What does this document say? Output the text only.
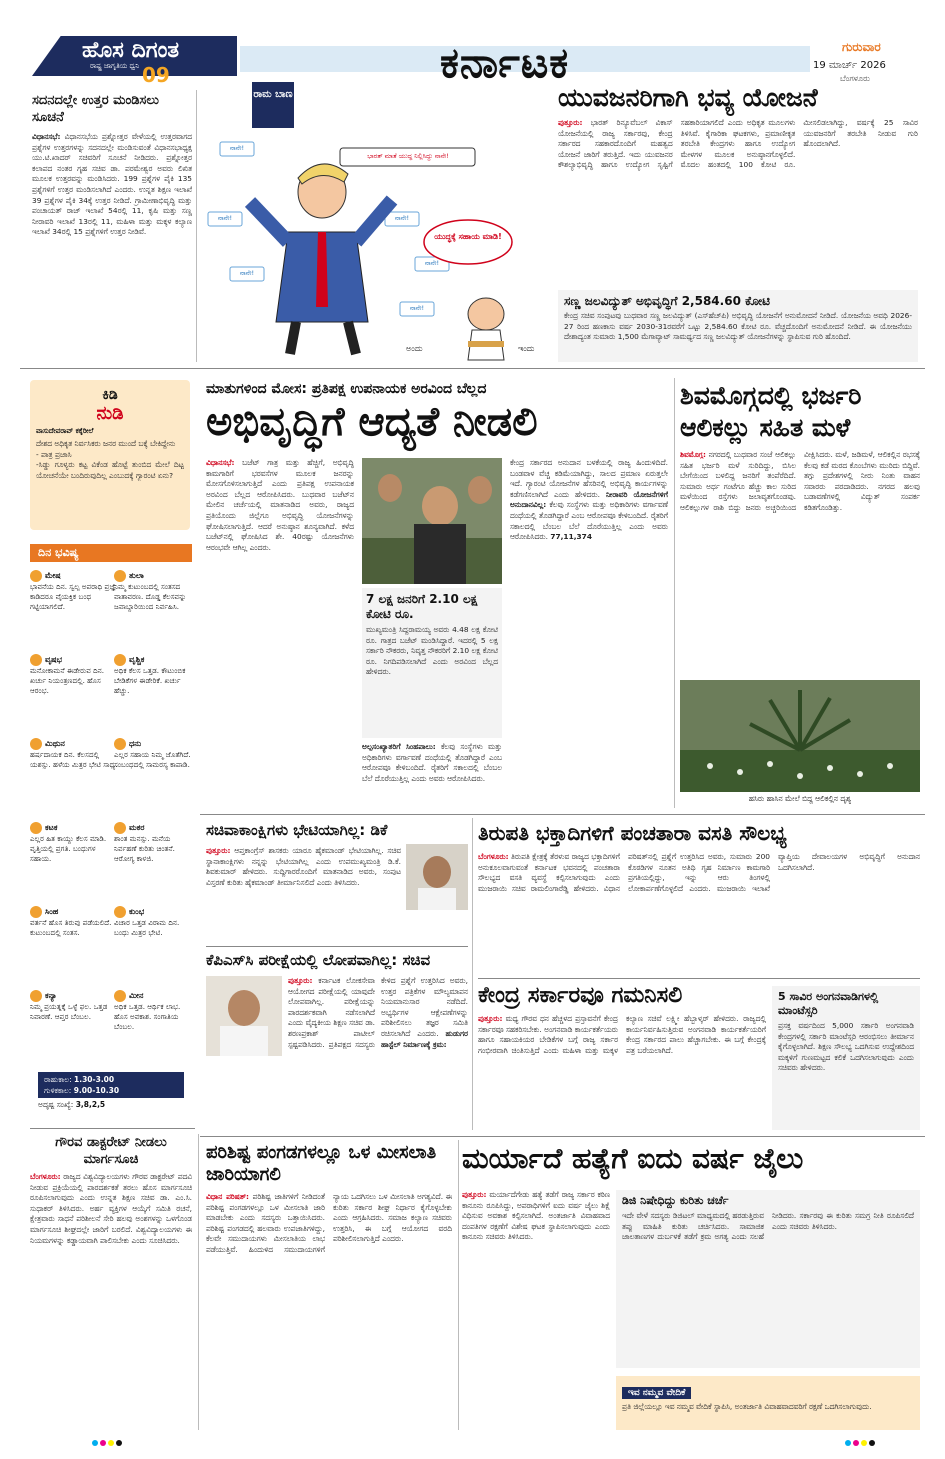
ಹೊಸ ದಿಗಂತ
ರಾಷ್ಟ್ರ ಜಾಗೃತಿಯ ಧ್ವನಿ 09	ಕರ್ನಾಟಕ	ಗುರುವಾರ
19 ಮಾರ್ಚ್ 2026
ಬೆಂಗಳೂರು
ಸದನದಲ್ಲೇ ಉತ್ತರ ಮಂಡಿಸಲು ಸೂಚನೆ
ವಿಧಾನಸಭೆ: ವಿಧಾನಸಭೆಯ ಪ್ರಶ್ನೋತ್ತರ ವೇಳೆಯಲ್ಲಿ ಉತ್ತರವಾಗದ ಪ್ರಶ್ನೆಗಳ ಉತ್ತರಗಳನ್ನು ಸದನದಲ್ಲೇ ಮಂಡಿಸುವಂತೆ ವಿಧಾನಸಭಾಧ್ಯಕ್ಷ ಯು.ಟಿ.ಖಾದರ್ ಸಚಿವರಿಗೆ ಸೂಚನೆ ನೀಡಿದರು. ಪ್ರಶ್ನೋತ್ತರ ಕಲಾಪದ ನಂತರ ಗೃಹ ಸಚಿವ ಡಾ. ಪರಮೇಶ್ವರ ಅವರು ಲಿಖಿತ ಮೂಲಕ ಉತ್ತರವನ್ನು ಮಂಡಿಸಿದರು. 199 ಪ್ರಶ್ನೆಗಳ ಪೈಕಿ 135 ಪ್ರಶ್ನೆಗಳಿಗೆ ಉತ್ತರ ಮಂಡಿಸಲಾಗಿದೆ ಎಂದರು. ಉನ್ನತ ಶಿಕ್ಷಣ ಇಲಾಖೆ 39 ಪ್ರಶ್ನೆಗಳ ಪೈಕಿ 34ಕ್ಕೆ ಉತ್ತರ ನೀಡಿದೆ. ಗ್ರಾಮೀಣಾಭಿವೃದ್ಧಿ ಮತ್ತು ಪಂಚಾಯತ್ ರಾಜ್ ಇಲಾಖೆ 54ರಲ್ಲಿ 11, ಕೃಷಿ ಮತ್ತು ಸಣ್ಣ ನೀರಾವರಿ ಇಲಾಖೆ 13ರಲ್ಲಿ 11, ಮಹಿಳಾ ಮತ್ತು ಮಕ್ಕಳ ಕಲ್ಯಾಣ ಇಲಾಖೆ 34ರಲ್ಲಿ 15 ಪ್ರಶ್ನೆಗಳಿಗೆ ಉತ್ತರ ನೀಡಿವೆ.
ರಾಮ ಬಾಣ
ಭಾರತ್ ಮಾತೆ ಯುದ್ಧ ನಿಲ್ಲಿಸಿದ್ದು ನಾನೇ!
ಯುದ್ಧಕ್ಕೆ ಸಹಾಯ ಮಾಡಿ!
ನಾನೇ!
ನಾನೇ!
ನಾನೇ!
ನಾನೇ!
ನಾನೇ!
ನಾನೇ!
ಅಂದು	ಇಂದು
ಯುವಜನರಿಗಾಗಿ ಭವ್ಯ ಯೋಜನೆ
ಪುತ್ತೂರು: ಭಾರತ್ ರಿನ್ಯೂವೆಬಲ್ ವಿಕಾಸ್ ಯೋಜನೆಯಲ್ಲಿ ರಾಜ್ಯ ಸರ್ಕಾರವು, ಕೇಂದ್ರ ಸರ್ಕಾರದ ಸಹಕಾರದೊಂದಿಗೆ ಮಹತ್ವದ ಯೋಜನೆ ಜಾರಿಗೆ ತರುತ್ತಿದೆ. ಇದು ಯುವಜನರ ಕೌಶಲ್ಯಾಭಿವೃದ್ಧಿ ಹಾಗೂ ಉದ್ಯೋಗ ಸೃಷ್ಟಿಗೆ ಸಹಕಾರಿಯಾಗಲಿದೆ ಎಂದು ಅಧಿಕೃತ ಮೂಲಗಳು ತಿಳಿಸಿವೆ. ಕೈಗಾರಿಕಾ ಘಟಕಗಳು, ಪ್ರಮಾಣೀಕೃತ ತರಬೇತಿ ಕೇಂದ್ರಗಳು ಹಾಗೂ ಉದ್ಯೋಗ ಮೇಳಗಳ ಮೂಲಕ ಅನುಷ್ಠಾನಗೊಳ್ಳಲಿದೆ. ಮೊದಲ ಹಂತದಲ್ಲಿ 100 ಕೋಟಿ ರೂ. ಮೀಸಲಿಡಲಾಗಿದ್ದು, ವರ್ಷಕ್ಕೆ 25 ಸಾವಿರ ಯುವಜನರಿಗೆ ತರಬೇತಿ ನೀಡುವ ಗುರಿ ಹೊಂದಲಾಗಿದೆ.
ಸಣ್ಣ ಜಲವಿದ್ಯುತ್ ಅಭಿವೃದ್ಧಿಗೆ 2,584.60 ಕೋಟಿ
ಕೇಂದ್ರ ಸಚಿವ ಸಂಪುಟವು ಬುಧವಾರ ಸಣ್ಣ ಜಲವಿದ್ಯುತ್ (ಎಸ್‌ಹೆಚ್‌ಪಿ) ಅಭಿವೃದ್ಧಿ ಯೋಜನೆಗೆ ಅನುಮೋದನೆ ನೀಡಿದೆ. ಯೋಜನೆಯ ಅವಧಿ 2026-27 ರಿಂದ ಹಣಕಾಸು ವರ್ಷ 2030-31ರವರೆಗೆ ಒಟ್ಟು 2,584.60 ಕೋಟಿ ರೂ. ವೆಚ್ಚದೊಂದಿಗೆ ಅನುಮೋದನೆ ನೀಡಿದೆ. ಈ ಯೋಜನೆಯು ದೇಶಾದ್ಯಂತ ಸುಮಾರು 1,500 ಮೆಗಾವ್ಯಾಟ್ ಸಾಮರ್ಥ್ಯದ ಸಣ್ಣ ಜಲವಿದ್ಯುತ್ ಯೋಜನೆಗಳನ್ನು ಸ್ಥಾಪಿಸುವ ಗುರಿ ಹೊಂದಿದೆ.
ಕಿಡಿ
ನುಡಿ
ವಾಸುದೇವರಾವ್ ಕಕ್ಕೆರೀಲೆ
ದೇಶದ ಅಧಿಕೃತ ನಿರ್ವಸಿಕರು ಜನರ ಮುಂದೆ ಬಕ್ಕೆ ಬೇಕಿದ್ದೇನು
- ಪಾತ್ರ ಪ್ರಜಾಸಿ
-ಸಿಡ್ಡು ಗೂಳ್ಯರು ಕಟ್ಟ ವಿಕೆಂಡ ಹೊಟ್ಟೆ ತುಂಬಿದ ಮೇಲೆ ದಿಟ್ಟ ಯೋಚನೆಯೇ ಬಂದಿರುವುದಿಲ್ಲ ಎಂಬುದಕ್ಕೆ ಗ್ಯಾರಂಟಿ ಏನು?
ದಿನ ಭವಿಷ್ಯ
ಮೇಷ
ಭಾವನೆಯ ದಿನ. ಸ್ವಲ್ಪ ಅಪರಾಧಿ ಪ್ರಜ್ಞೆ ಕಾಡಿದರೂ ವೈಯಕ್ತಿಕ ಬಂಧ ಗಟ್ಟಿಯಾಗಲಿದೆ.
ತುಲಾ
ನಿಮ್ಮ ಕುಟುಂಬದಲ್ಲಿ ಸಂತಸದ ವಾತಾವರಣ. ದೊಡ್ಡ ಕೆಲಸವನ್ನು ಜವಾಬ್ದಾರಿಯಿಂದ ನಿರ್ವಹಿಸಿ.
ವೃಷಭ
ಮನೋಕಾಮನೆ ಈಡೇರುವ ದಿನ. ಖರ್ಚು ನಿಯಂತ್ರಣದಲ್ಲಿ. ಹೊಸ ಆರಂಭ.
ವೃಶ್ಚಿಕ
ಅಧಿಕ ಕೆಲಸ ಒತ್ತಡ. ಕೌಟುಂಬಿಕ ಬೇಡಿಕೆಗಳ ಈಡೇರಿಕೆ. ಖರ್ಚು ಹೆಚ್ಚು.
ಮಿಥುನ
ಹರ್ಷದಾಯಕ ದಿನ. ಕೆಲಸದಲ್ಲಿ ಯಶಸ್ಸು. ಹಳೆಯ ಮಿತ್ರರ ಭೇಟಿ ಸಾಧ್ಯ.
ಧನು
ಎಲ್ಲರ ಸಹಾಯ ನಿಮ್ಮ ಜೊತೆಗಿದೆ. ಸಂಬಂಧದಲ್ಲಿ ಸಾಮರಸ್ಯ ಕಾಪಾಡಿ.
ಕಟಕ
ಎಲ್ಲರ ಹಿತ ಕಾಯ್ದು ಕೆಲಸ ಮಾಡಿ. ವೃತ್ತಿಯಲ್ಲಿ ಪ್ರಗತಿ. ಬಂಧುಗಳ ಸಹಾಯ.
ಮಕರ
ಶಾಂತ ಮನಸ್ಸು. ಮನೆಯ ನಿರ್ವಹಣೆ ಕುರಿತು ಚಿಂತನೆ. ಆರೋಗ್ಯ ಕಾಳಜಿ.
ಸಿಂಹ
ವರ್ತನೆ ಹೊಸ ತಿರುವು ಪಡೆಯಲಿದೆ. ಕುಟುಂಬದಲ್ಲಿ ಸಂತಸ.
ಕುಂಭ
ವಿಚಾರ ಒತ್ತಡ ವಿರಾಮ ದಿನ. ಬಂಧು ಮಿತ್ರರ ಭೇಟಿ.
ಕನ್ಯಾ
ನಿಮ್ಮ ಪ್ರಯತ್ನಕ್ಕೆ ಒಳ್ಳೆ ಫಲ. ಒತ್ತಡ ನಿವಾರಣೆ. ಆಪ್ತರ ಬೆಂಬಲ.
ಮೀನ
ಅಧಿಕ ಒತ್ತಡ. ಆರ್ಥಿಕ ಲಾಭ. ಹೊಸ ಅವಕಾಶ. ಸಂಗಾತಿಯ ಬೆಂಬಲ.
ರಾಹುಕಾಲ: 1.30-3.00
ಗುಳಿಕಕಾಲ: 9.00-10.30
ಅದೃಷ್ಟ ಸಂಖ್ಯೆ: 3,8,2,5
ಮಾತುಗಳಿಂದ ಮೋಸ: ಪ್ರತಿಪಕ್ಷ ಉಪನಾಯಕ ಅರವಿಂದ ಬೆಲ್ಲದ
ಅಭಿವೃದ್ಧಿಗೆ ಆದ್ಯತೆ ನೀಡಲಿ
ವಿಧಾನಸಭೆ: ಬಜೆಟ್ ಗಾತ್ರ ಮತ್ತು ಹೆಚ್ಚಿಗೆ, ಅಭಿವೃದ್ಧಿ ಕಾಮಗಾರಿಗೆ ಭರವಸೆಗಳ ಮೂಲಕ ಜನರನ್ನು ಮೋಸಗೊಳಿಸಲಾಗುತ್ತಿದೆ ಎಂದು ಪ್ರತಿಪಕ್ಷ ಉಪನಾಯಕ ಅರವಿಂದ ಬೆಲ್ಲದ ಆರೋಪಿಸಿದರು. ಬುಧವಾರ ಬಜೆಟ್‌ನ ಮೇಲಿನ ಚರ್ಚೆಯಲ್ಲಿ ಮಾತನಾಡಿದ ಅವರು, ರಾಜ್ಯದ ಪ್ರತಿಯೊಂದು ಜಿಲ್ಲೆಗೂ ಅಭಿವೃದ್ಧಿ ಯೋಜನೆಗಳನ್ನು ಘೋಷಿಸಲಾಗುತ್ತಿದೆ. ಆದರೆ ಅನುಷ್ಠಾನ ಶೂನ್ಯವಾಗಿದೆ. ಕಳೆದ ಬಜೆಟ್‌ನಲ್ಲಿ ಘೋಷಿಸಿದ ಶೇ. 40ರಷ್ಟು ಯೋಜನೆಗಳು ಆರಂಭವೇ ಆಗಿಲ್ಲ ಎಂದರು.
7 ಲಕ್ಷ ಜನರಿಗೆ 2.10 ಲಕ್ಷ ಕೋಟಿ ರೂ.
ಮುಖ್ಯಮಂತ್ರಿ ಸಿದ್ದರಾಮಯ್ಯ ಅವರು 4.48 ಲಕ್ಷ ಕೋಟಿ ರೂ. ಗಾತ್ರದ ಬಜೆಟ್ ಮಂಡಿಸಿದ್ದಾರೆ. ಇದರಲ್ಲಿ 5 ಲಕ್ಷ ಸರ್ಕಾರಿ ನೌಕರರು, ನಿವೃತ್ತ ನೌಕರರಿಗೆ 2.10 ಲಕ್ಷ ಕೋಟಿ ರೂ. ನಿಗದಿಪಡಿಸಲಾಗಿದೆ ಎಂದು ಅರವಿಂದ ಬೆಲ್ಲದ ಹೇಳಿದರು.
ಅಲ್ಪಸಂಖ್ಯಾತರಿಗೆ ಸಿಂಹಪಾಲು: ಕೆಲವು ಸಂಸ್ಥೆಗಳು ಮತ್ತು ಅಧಿಕಾರಿಗಳು ವರ್ಗಾವಣೆ ದಂಧೆಯಲ್ಲಿ ತೊಡಗಿದ್ದಾರೆ ಎಂಬ ಆರೋಪವೂ ಕೇಳಿಬಂದಿದೆ. ರೈತರಿಗೆ ಸಕಾಲದಲ್ಲಿ ಬೆಂಬಲ ಬೆಲೆ ದೊರೆಯುತ್ತಿಲ್ಲ ಎಂದು ಅವರು ಆರೋಪಿಸಿದರು.
ಕೇಂದ್ರ ಸರ್ಕಾರದ ಅನುದಾನ ಬಳಕೆಯಲ್ಲಿ ರಾಜ್ಯ ಹಿಂದುಳಿದಿದೆ. ಬಂಡವಾಳ ವೆಚ್ಚ ಕಡಿಮೆಯಾಗಿದ್ದು, ಸಾಲದ ಪ್ರಮಾಣ ಏರುತ್ತಲೇ ಇದೆ. ಗ್ಯಾರಂಟಿ ಯೋಜನೆಗಳ ಹೆಸರಿನಲ್ಲಿ ಅಭಿವೃದ್ಧಿ ಕಾರ್ಯಗಳನ್ನು ಕಡೆಗಣಿಸಲಾಗಿದೆ ಎಂದು ಹೇಳಿದರು. ನೀರಾವರಿ ಯೋಜನೆಗಳಿಗೆ ಅನುದಾನವಿಲ್ಲ: ಕೆಲವು ಸಂಸ್ಥೆಗಳು ಮತ್ತು ಅಧಿಕಾರಿಗಳು ವರ್ಗಾವಣೆ ದಂಧೆಯಲ್ಲಿ ತೊಡಗಿದ್ದಾರೆ ಎಂಬ ಆರೋಪವೂ ಕೇಳಿಬಂದಿದೆ. ರೈತರಿಗೆ ಸಕಾಲದಲ್ಲಿ ಬೆಂಬಲ ಬೆಲೆ ದೊರೆಯುತ್ತಿಲ್ಲ ಎಂದು ಅವರು ಆರೋಪಿಸಿದರು. 77,11,374
ಶಿವಮೊಗ್ಗದಲ್ಲಿ ಭರ್ಜರಿ ಆಲಿಕಲ್ಲು ಸಹಿತ ಮಳೆ
ಶಿವಮೊಗ್ಗ: ನಗರದಲ್ಲಿ ಬುಧವಾರ ಸಂಜೆ ಆಲಿಕಲ್ಲು ಸಹಿತ ಭರ್ಜರಿ ಮಳೆ ಸುರಿದಿದ್ದು, ಬಿಸಿಲ ಬೇಗೆಯಿಂದ ಬಳಲಿದ್ದ ಜನರಿಗೆ ತಂಪೆರೆದಿದೆ. ಸುಮಾರು ಅರ್ಧ ಗಂಟೆಗೂ ಹೆಚ್ಚು ಕಾಲ ಸುರಿದ ಮಳೆಯಿಂದ ರಸ್ತೆಗಳು ಜಲಾವೃತಗೊಂಡವು. ಆಲಿಕಲ್ಲುಗಳ ರಾಶಿ ಬಿದ್ದು ಜನರು ಅಚ್ಚರಿಯಿಂದ ವೀಕ್ಷಿಸಿದರು. ಮಳೆ, ಜಡಿಮಳೆ, ಆಲಿಕಲ್ಲಿನ ರಭಸಕ್ಕೆ ಕೆಲವು ಕಡೆ ಮರದ ಕೊಂಬೆಗಳು ಮುರಿದು ಬಿದ್ದಿವೆ. ತಗ್ಗು ಪ್ರದೇಶಗಳಲ್ಲಿ ನೀರು ನಿಂತು ವಾಹನ ಸವಾರರು ಪರದಾಡಿದರು. ನಗರದ ಹಲವು ಬಡಾವಣೆಗಳಲ್ಲಿ ವಿದ್ಯುತ್ ಸಂಪರ್ಕ ಕಡಿತಗೊಂಡಿತ್ತು.
ಹಸಿರು ಹಾಸಿನ ಮೇಲೆ ಬಿದ್ದ ಆಲಿಕಲ್ಲಿನ ದೃಶ್ಯ
ಸಚಿವಾಕಾಂಕ್ಷಿಗಳು ಭೇಟಿಯಾಗಿಲ್ಲ: ಡಿಕೆ
ಪುತ್ತೂರು: ಆಪ್ತಕಾಂಗ್ರೆಸ್ ಶಾಸಕರು ಯಾರೂ ಹೈಕಮಾಂಡ್ ಭೇಟಿಯಾಗಿಲ್ಲ. ಸಚಿವ ಸ್ಥಾನಾಕಾಂಕ್ಷಿಗಳು ನನ್ನನ್ನು ಭೇಟಿಯಾಗಿಲ್ಲ ಎಂದು ಉಪಮುಖ್ಯಮಂತ್ರಿ ಡಿ.ಕೆ. ಶಿವಕುಮಾರ್ ಹೇಳಿದರು. ಸುದ್ದಿಗಾರರೊಂದಿಗೆ ಮಾತನಾಡಿದ ಅವರು, ಸಂಪುಟ ವಿಸ್ತರಣೆ ಕುರಿತು ಹೈಕಮಾಂಡ್ ತೀರ್ಮಾನಿಸಲಿದೆ ಎಂದು ತಿಳಿಸಿದರು.
ಕೆಪಿಎಸ್‌ಸಿ ಪರೀಕ್ಷೆಯಲ್ಲಿ ಲೋಪವಾಗಿಲ್ಲ: ಸಚಿವ
ಪುತ್ತೂರು: ಕರ್ನಾಟಕ ಲೋಕಸೇವಾ ಆಯೋಗದ ಪರೀಕ್ಷೆಯಲ್ಲಿ ಯಾವುದೇ ಲೋಪವಾಗಿಲ್ಲ. ಪರೀಕ್ಷೆಯನ್ನು ಪಾರದರ್ಶಕವಾಗಿ ನಡೆಸಲಾಗಿದೆ ಎಂದು ವೈದ್ಯಕೀಯ ಶಿಕ್ಷಣ ಸಚಿವ ಡಾ. ಶರಣಪ್ರಕಾಶ್ ಪಾಟೀಲ್ ಸ್ಪಷ್ಟಪಡಿಸಿದರು. ಪ್ರತಿಪಕ್ಷದ ಸದಸ್ಯರು ಕೇಳಿದ ಪ್ರಶ್ನೆಗೆ ಉತ್ತರಿಸಿದ ಅವರು, ಉತ್ತರ ಪತ್ರಿಕೆಗಳ ಮೌಲ್ಯಮಾಪನ ನಿಯಮಾನುಸಾರ ನಡೆದಿದೆ. ಅಭ್ಯರ್ಥಿಗಳ ಆಕ್ಷೇಪಣೆಗಳನ್ನು ಪರಿಶೀಲಿಸಲು ತಜ್ಞರ ಸಮಿತಿ ರಚಿಸಲಾಗಿದೆ ಎಂದರು. ಹುಡುಗರ ಹಾಸ್ಟೆಲ್ ನಿರ್ಮಾಣಕ್ಕೆ ಕ್ರಮ:
ತಿರುಪತಿ ಭಕ್ತಾದಿಗಳಿಗೆ ಪಂಚತಾರಾ ವಸತಿ ಸೌಲಭ್ಯ
ಬೆಂಗಳೂರು: ತಿರುಪತಿ ಕ್ಷೇತ್ರಕ್ಕೆ ತೆರಳುವ ರಾಜ್ಯದ ಭಕ್ತಾದಿಗಳಿಗೆ ಅನುಕೂಲವಾಗುವಂತೆ ಕರ್ನಾಟಕ ಭವನದಲ್ಲಿ ಪಂಚತಾರಾ ಸೌಲಭ್ಯದ ವಸತಿ ವ್ಯವಸ್ಥೆ ಕಲ್ಪಿಸಲಾಗುವುದು ಎಂದು ಮುಜರಾಯಿ ಸಚಿವ ರಾಮಲಿಂಗಾರೆಡ್ಡಿ ಹೇಳಿದರು. ವಿಧಾನ ಪರಿಷತ್‌ನಲ್ಲಿ ಪ್ರಶ್ನೆಗೆ ಉತ್ತರಿಸಿದ ಅವರು, ಸುಮಾರು 200 ಕೊಠಡಿಗಳ ನೂತನ ಅತಿಥಿ ಗೃಹ ನಿರ್ಮಾಣ ಕಾಮಗಾರಿ ಪ್ರಗತಿಯಲ್ಲಿದ್ದು, ಇನ್ನು ಆರು ತಿಂಗಳಲ್ಲಿ ಲೋಕಾರ್ಪಣೆಗೊಳ್ಳಲಿದೆ ಎಂದರು. ಮುಜರಾಯಿ ಇಲಾಖೆ ವ್ಯಾಪ್ತಿಯ ದೇವಾಲಯಗಳ ಅಭಿವೃದ್ಧಿಗೆ ಅನುದಾನ ಒದಗಿಸಲಾಗಿದೆ.
ಕೇಂದ್ರ ಸರ್ಕಾರವೂ ಗಮನಿಸಲಿ
ಪುತ್ತೂರು: ಮಧ್ಯ ಗೌರವ ಧನ ಹೆಚ್ಚಳದ ಪ್ರಸ್ತಾವನೆಗೆ ಕೇಂದ್ರ ಸರ್ಕಾರವೂ ಸಹಕರಿಸಬೇಕು. ಅಂಗನವಾಡಿ ಕಾರ್ಯಕರ್ತೆಯರು ಹಾಗೂ ಸಹಾಯಕಿಯರ ಬೇಡಿಕೆಗಳ ಬಗ್ಗೆ ರಾಜ್ಯ ಸರ್ಕಾರ ಗಂಭೀರವಾಗಿ ಚಿಂತಿಸುತ್ತಿದೆ ಎಂದು ಮಹಿಳಾ ಮತ್ತು ಮಕ್ಕಳ ಕಲ್ಯಾಣ ಸಚಿವೆ ಲಕ್ಷ್ಮೀ ಹೆಬ್ಬಾಳ್ಕರ್ ಹೇಳಿದರು. ರಾಜ್ಯದಲ್ಲಿ ಕಾರ್ಯನಿರ್ವಹಿಸುತ್ತಿರುವ ಅಂಗನವಾಡಿ ಕಾರ್ಯಕರ್ತೆಯರಿಗೆ ಕೇಂದ್ರ ಸರ್ಕಾರದ ಪಾಲು ಹೆಚ್ಚಾಗಬೇಕು. ಈ ಬಗ್ಗೆ ಕೇಂದ್ರಕ್ಕೆ ಪತ್ರ ಬರೆಯಲಾಗಿದೆ.
5 ಸಾವಿರ ಅಂಗನವಾಡಿಗಳಲ್ಲಿ ಮಾಂಟೆಸ್ಸರಿ
ಪ್ರಸಕ್ತ ವರ್ಷದಿಂದ 5,000 ಸರ್ಕಾರಿ ಅಂಗನವಾಡಿ ಕೇಂದ್ರಗಳಲ್ಲಿ ಸರ್ಕಾರಿ ಮಾಂಟೆಸ್ಸರಿ ಆರಂಭಿಸಲು ತೀರ್ಮಾನ ಕೈಗೊಳ್ಳಲಾಗಿದೆ. ಶಿಕ್ಷಣ ಸೌಲಭ್ಯ ಒದಗಿಸುವ ಉದ್ದೇಶದಿಂದ ಮಕ್ಕಳಿಗೆ ಗುಣಮಟ್ಟದ ಕಲಿಕೆ ಒದಗಿಸಲಾಗುವುದು ಎಂದು ಸಚಿವರು ಹೇಳಿದರು.
ಗೌರವ ಡಾಕ್ಟರೇಟ್ ನೀಡಲು ಮಾರ್ಗಸೂಚಿ
ಬೆಂಗಳೂರು: ರಾಜ್ಯದ ವಿಶ್ವವಿದ್ಯಾಲಯಗಳು ಗೌರವ ಡಾಕ್ಟರೇಟ್ ಪದವಿ ನೀಡುವ ಪ್ರಕ್ರಿಯೆಯಲ್ಲಿ ಪಾರದರ್ಶಕತೆ ತರಲು ಹೊಸ ಮಾರ್ಗಸೂಚಿ ರೂಪಿಸಲಾಗುವುದು ಎಂದು ಉನ್ನತ ಶಿಕ್ಷಣ ಸಚಿವ ಡಾ. ಎಂ.ಸಿ. ಸುಧಾಕರ್ ತಿಳಿಸಿದರು. ಅರ್ಹ ವ್ಯಕ್ತಿಗಳ ಆಯ್ಕೆಗೆ ಸಮಿತಿ ರಚನೆ, ಕ್ಷೇತ್ರವಾರು ಸಾಧನೆ ಪರಿಶೀಲನೆ ಸೇರಿ ಹಲವು ಅಂಶಗಳನ್ನು ಒಳಗೊಂಡ ಮಾರ್ಗಸೂಚಿ ಶೀಘ್ರದಲ್ಲೇ ಜಾರಿಗೆ ಬರಲಿದೆ. ವಿಶ್ವವಿದ್ಯಾಲಯಗಳು ಈ ನಿಯಮಗಳನ್ನು ಕಡ್ಡಾಯವಾಗಿ ಪಾಲಿಸಬೇಕು ಎಂದು ಸೂಚಿಸಿದರು.
ಪರಿಶಿಷ್ಟ ಪಂಗಡಗಳಲ್ಲೂ ಒಳ ಮೀಸಲಾತಿ ಜಾರಿಯಾಗಲಿ
ವಿಧಾನ ಪರಿಷತ್: ಪರಿಶಿಷ್ಟ ಜಾತಿಗಳಿಗೆ ನೀಡಿದಂತೆ ಪರಿಶಿಷ್ಟ ಪಂಗಡಗಳಲ್ಲೂ ಒಳ ಮೀಸಲಾತಿ ಜಾರಿ ಮಾಡಬೇಕು ಎಂದು ಸದಸ್ಯರು ಒತ್ತಾಯಿಸಿದರು. ಪರಿಶಿಷ್ಟ ಪಂಗಡದಲ್ಲಿ ಹಲವಾರು ಉಪಜಾತಿಗಳಿದ್ದು, ಕೆಲವೇ ಸಮುದಾಯಗಳು ಮೀಸಲಾತಿಯ ಲಾಭ ಪಡೆಯುತ್ತಿವೆ. ಹಿಂದುಳಿದ ಸಮುದಾಯಗಳಿಗೆ ನ್ಯಾಯ ಒದಗಿಸಲು ಒಳ ಮೀಸಲಾತಿ ಅಗತ್ಯವಿದೆ. ಈ ಕುರಿತು ಸರ್ಕಾರ ಶೀಘ್ರ ನಿರ್ಧಾರ ಕೈಗೊಳ್ಳಬೇಕು ಎಂದು ಆಗ್ರಹಿಸಿದರು. ಸಮಾಜ ಕಲ್ಯಾಣ ಸಚಿವರು ಉತ್ತರಿಸಿ, ಈ ಬಗ್ಗೆ ಆಯೋಗದ ವರದಿ ಪರಿಶೀಲಿಸಲಾಗುತ್ತಿದೆ ಎಂದರು.
ಮರ್ಯಾದೆ ಹತ್ಯೆಗೆ ಐದು ವರ್ಷ ಜೈಲು
ಪುತ್ತೂರು: ಮರ್ಯಾದೆಗೇಡು ಹತ್ಯೆ ತಡೆಗೆ ರಾಜ್ಯ ಸರ್ಕಾರ ಕಠಿಣ ಕಾನೂನು ರೂಪಿಸಿದ್ದು, ಅಪರಾಧಿಗಳಿಗೆ ಐದು ವರ್ಷ ಜೈಲು ಶಿಕ್ಷೆ ವಿಧಿಸುವ ಅವಕಾಶ ಕಲ್ಪಿಸಲಾಗಿದೆ. ಅಂತರ್ಜಾತಿ ವಿವಾಹವಾದ ದಂಪತಿಗಳ ರಕ್ಷಣೆಗೆ ವಿಶೇಷ ಘಟಕ ಸ್ಥಾಪಿಸಲಾಗುವುದು ಎಂದು ಕಾನೂನು ಸಚಿವರು ತಿಳಿಸಿದರು.
ಡಿಜಿ ನಿಷೇಧಿದ್ದು ಕುರಿತು ಚರ್ಚೆ
ಇದೇ ವೇಳೆ ಸದಸ್ಯರು ಡಿಜಿಟಲ್ ಮಾಧ್ಯಮದಲ್ಲಿ ಹರಡುತ್ತಿರುವ ತಪ್ಪು ಮಾಹಿತಿ ಕುರಿತು ಚರ್ಚಿಸಿದರು. ಸಾಮಾಜಿಕ ಜಾಲತಾಣಗಳ ದುರ್ಬಳಕೆ ತಡೆಗೆ ಕ್ರಮ ಅಗತ್ಯ ಎಂದು ಸಲಹೆ ನೀಡಿದರು. ಸರ್ಕಾರವು ಈ ಕುರಿತು ಸಮಗ್ರ ನೀತಿ ರೂಪಿಸಲಿದೆ ಎಂದು ಸಚಿವರು ತಿಳಿಸಿದರು.
ಇವ ನಮ್ಮವ ವೇದಿಕೆ
ಪ್ರತಿ ಜಿಲ್ಲೆಯಲ್ಲೂ ಇವ ನಮ್ಮವ ವೇದಿಕೆ ಸ್ಥಾಪಿಸಿ, ಅಂತರ್ಜಾತಿ ವಿವಾಹವಾದವರಿಗೆ ರಕ್ಷಣೆ ಒದಗಿಸಲಾಗುವುದು.
